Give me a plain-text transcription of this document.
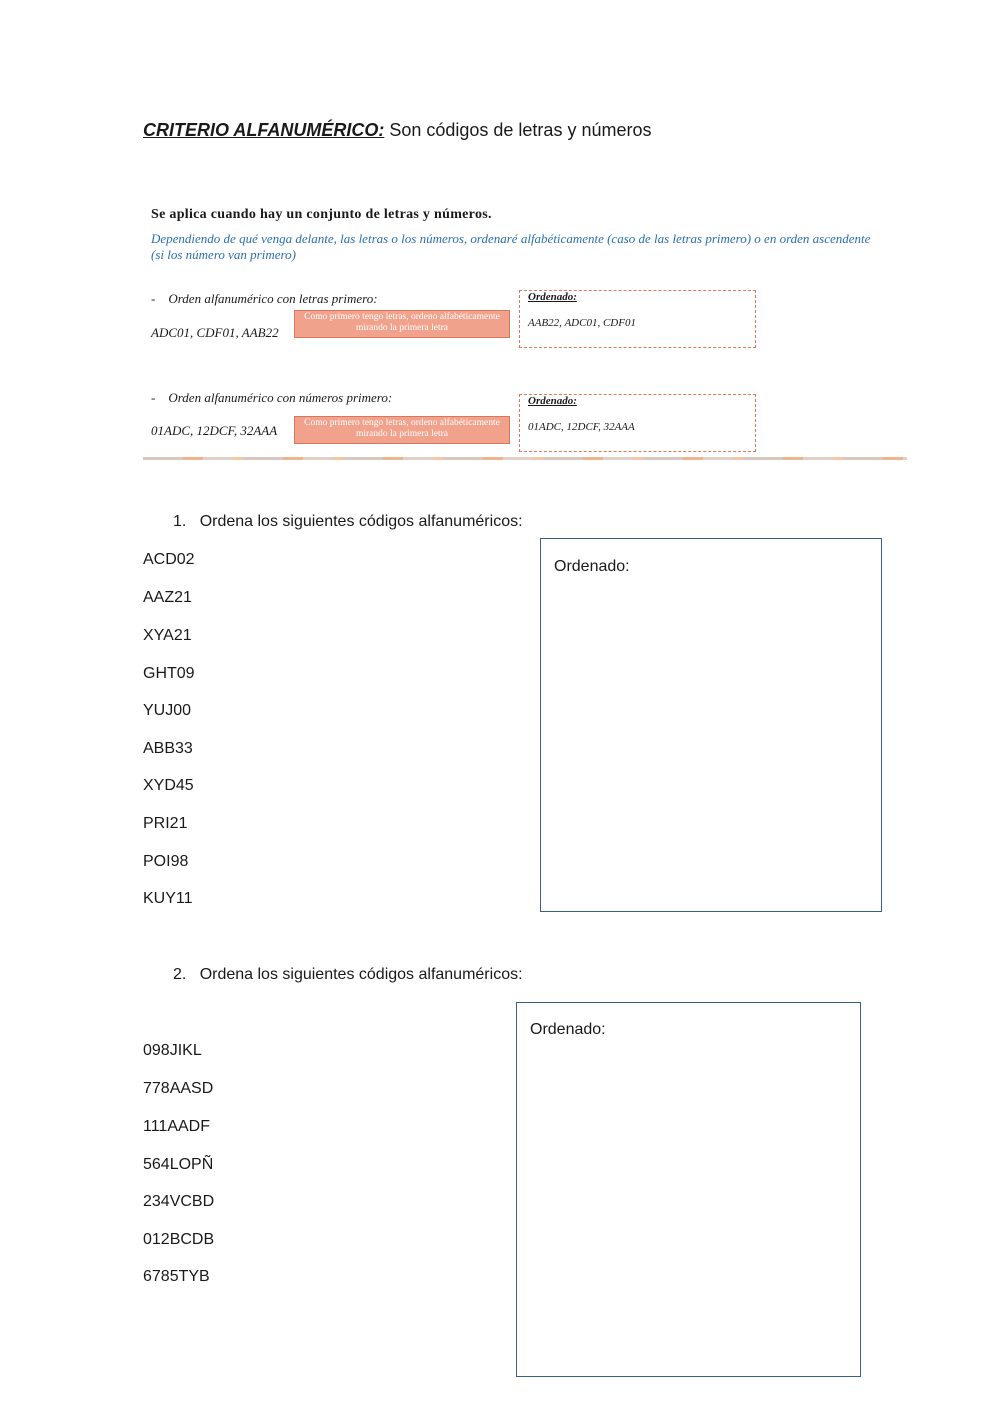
CRITERIO ALFANUMÉRICO: Son códigos de letras y números
Se aplica cuando hay un conjunto de letras y números.
Dependiendo de qué venga delante, las letras o los números, ordenaré alfabéticamente (caso de las letras primero) o en orden ascendente (si los número van primero)
- Orden alfanumérico con letras primero:
ADC01, CDF01, AAB22
Como primero tengo letras, ordeno alfabéticamente mirando la primera letra
Ordenado:
AAB22, ADC01, CDF01
- Orden alfanumérico con números primero:
01ADC, 12DCF, 32AAA	Como primero tengo letras, ordeno alfabéticamente mirando la primera letra
Ordenado:
01ADC, 12DCF, 32AAA
1. Ordena los siguientes códigos alfanuméricos:
ACD02
AAZ21
XYA21
GHT09
YUJ00
ABB33
XYD45
PRI21
POI98
KUY11
Ordenado:
2. Ordena los siguientes códigos alfanuméricos:
098JIKL
778AASD
111AADF
564LOPÑ
234VCBD
012BCDB
6785TYB
Ordenado:
